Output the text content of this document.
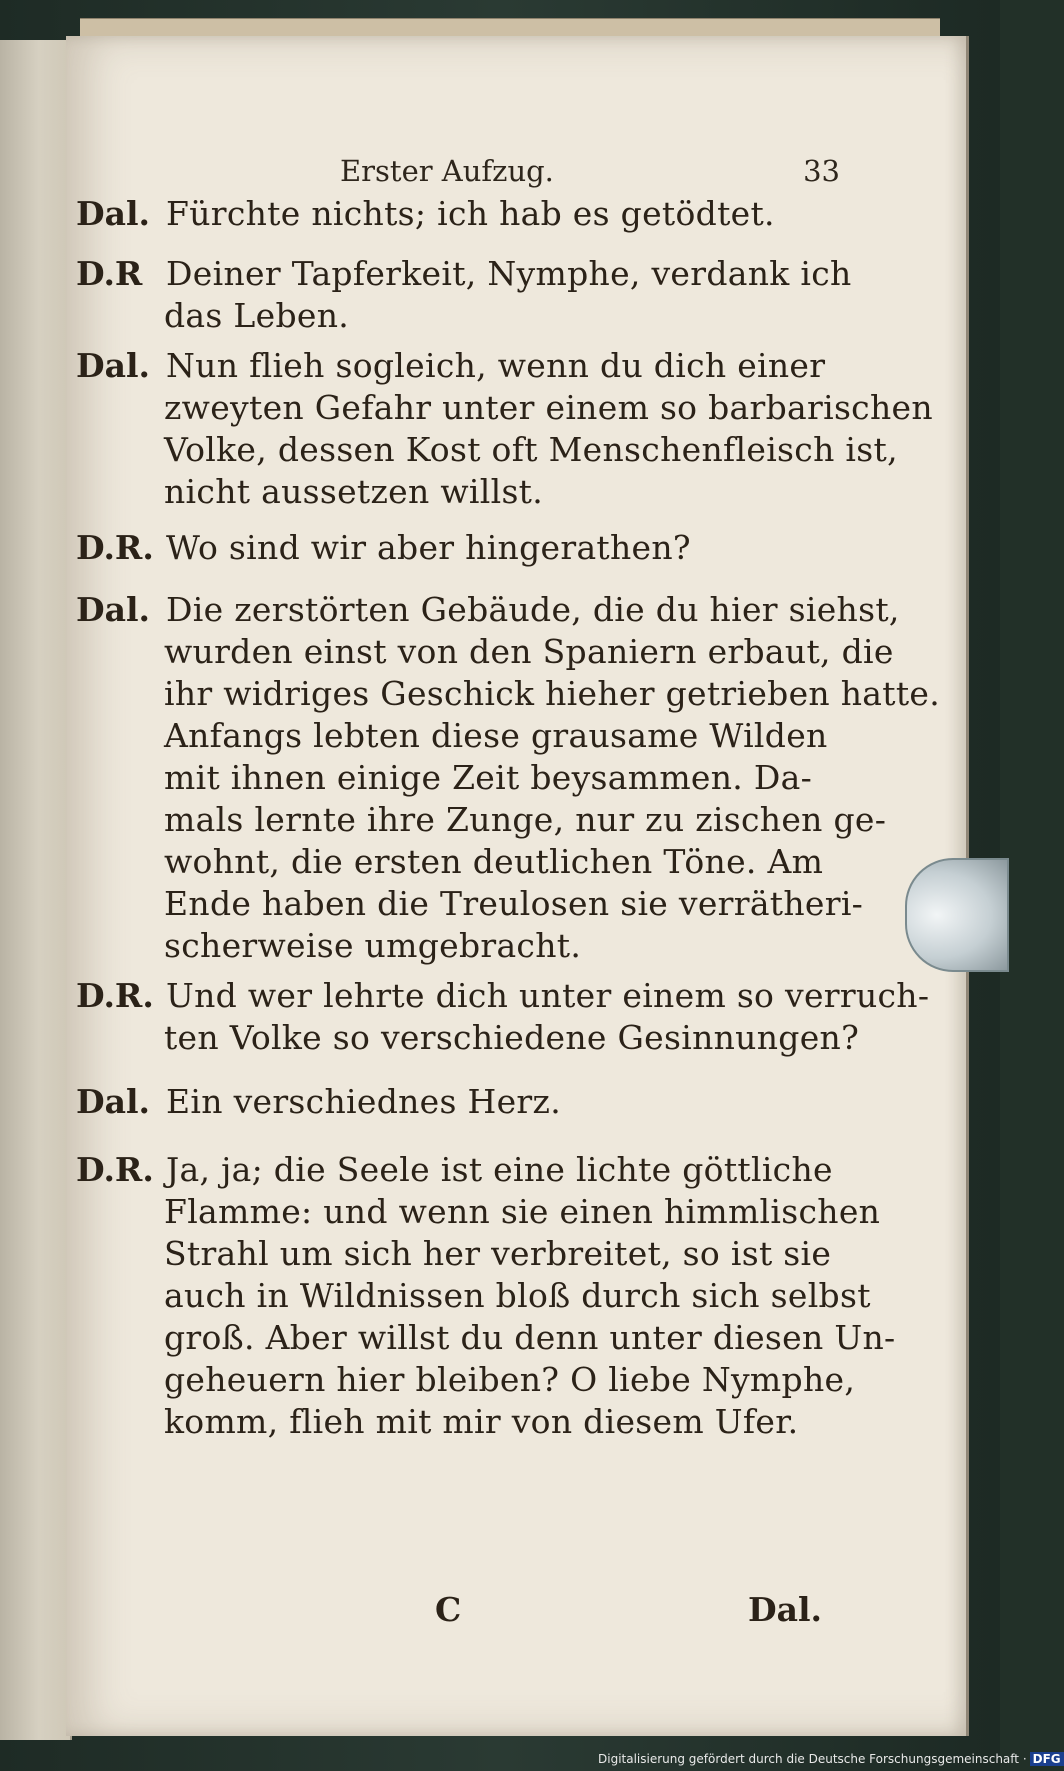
Erster Aufzug.	33
Dal. Fürchte nichts; ich hab es getödtet.
D.R Deiner Tapferkeit, Nymphe, verdank ich
das Leben.
Dal. Nun flieh sogleich, wenn du dich einer
zweyten Gefahr unter einem so barbarischen
Volke, dessen Kost oft Menschenfleisch ist,
nicht aussetzen willst.
D.R. Wo sind wir aber hingerathen?
Dal. Die zerstörten Gebäude, die du hier siehst,
wurden einst von den Spaniern erbaut, die
ihr widriges Geschick hieher getrieben hatte.
Anfangs lebten diese grausame Wilden
mit ihnen einige Zeit beysammen. Da-
mals lernte ihre Zunge, nur zu zischen ge-
wohnt, die ersten deutlichen Töne. Am
Ende haben die Treulosen sie verrätheri-
scherweise umgebracht.
D.R. Und wer lehrte dich unter einem so verruch-
ten Volke so verschiedene Gesinnungen?
Dal. Ein verschiednes Herz.
D.R. Ja, ja; die Seele ist eine lichte göttliche
Flamme: und wenn sie einen himmlischen
Strahl um sich her verbreitet, so ist sie
auch in Wildnissen bloß durch sich selbst
groß. Aber willst du denn unter diesen Un-
geheuern hier bleiben? O liebe Nymphe,
komm, flieh mit mir von diesem Ufer.
C	Dal.
Digitalisierung gefördert durch die Deutsche Forschungsgemeinschaft · DFG
